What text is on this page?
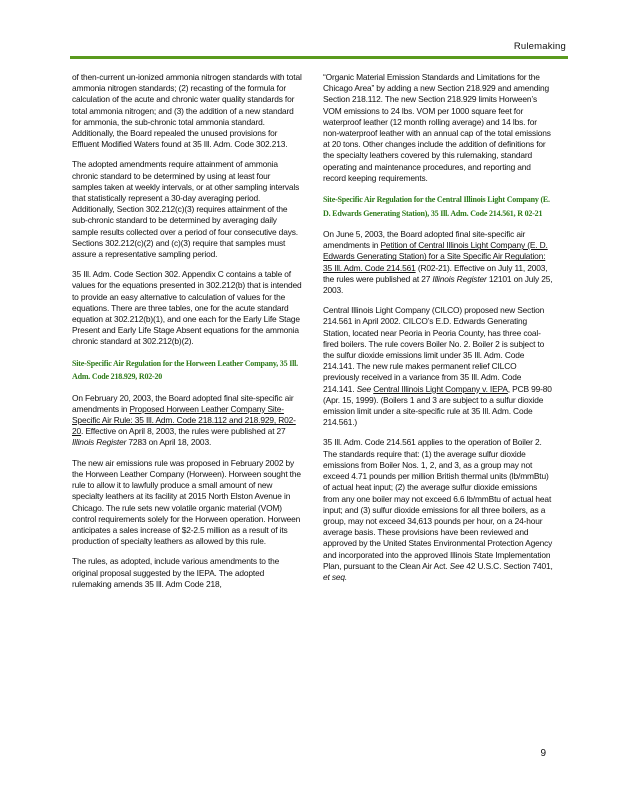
Rulemaking

of then-current un-ionized ammonia nitrogen standards with total ammonia nitrogen standards; (2) recasting of the formula for calculation of the acute and chronic water quality standards for total ammonia nitrogen; and (3) the addition of a new standard for ammonia, the sub-chronic total ammonia standard. Additionally, the Board repealed the unused provisions for Effluent Modified Waters found at 35 Ill. Adm. Code 302.213.

The adopted amendments require attainment of ammonia chronic standard to be determined by using at least four samples taken at weekly intervals, or at other sampling intervals that statistically represent a 30-day averaging period. Additionally, Section 302.212(c)(3) requires attainment of the sub-chronic standard to be determined by averaging daily sample results collected over a period of four consecutive days. Sections 302.212(c)(2) and (c)(3) require that samples must assure a representative sampling period.

35 Ill. Adm. Code Section 302. Appendix C contains a table of values for the equations presented in 302.212(b) that is intended to provide an easy alternative to calculation of values for the equations. There are three tables, one for the acute standard equation at 302.212(b)(1), and one each for the Early Life Stage Present and Early Life Stage Absent equations for the ammonia chronic standard at 302.212(b)(2).

Site-Specific Air Regulation for the Horween Leather Company, 35 Ill. Adm. Code 218.929, R02-20

On February 20, 2003, the Board adopted final site-specific air amendments in Proposed Horween Leather Company Site-Specific Air Rule: 35 Ill. Adm. Code 218.112 and 218.929, R02-20. Effective on April 8, 2003, the rules were published at 27 Illinois Register 7283 on April 18, 2003.

The new air emissions rule was proposed in February 2002 by the Horween Leather Company (Horween). Horween sought the rule to allow it to lawfully produce a small amount of new specialty leathers at its facility at 2015 North Elston Avenue in Chicago. The rule sets new volatile organic material (VOM) control requirements solely for the Horween operation. Horween anticipates a sales increase of $2-2.5 million as a result of its production of specialty leathers as allowed by this rule.

The rules, as adopted, include various amendments to the original proposal suggested by the IEPA. The adopted rulemaking amends 35 Ill. Adm Code 218,

“Organic Material Emission Standards and Limitations for the Chicago Area” by adding a new Section 218.929 and amending Section 218.112. The new Section 218.929 limits Horween’s VOM emissions to 24 lbs. VOM per 1000 square feet for waterproof leather (12 month rolling average) and 14 lbs. for non-waterproof leather with an annual cap of the total emissions at 20 tons. Other changes include the addition of definitions for the specialty leathers covered by this rulemaking, standard operating and maintenance procedures, and reporting and record keeping requirements.

Site-Specific Air Regulation for the Central Illinois Light Company (E. D. Edwards Generating Station), 35 Ill. Adm. Code 214.561, R 02-21

On June 5, 2003, the Board adopted final site-specific air amendments in Petition of Central Illinois Light Company (E. D. Edwards Generating Station) for a Site Specific Air Regulation: 35 Ill. Adm. Code 214.561 (R02-21). Effective on July 11, 2003, the rules were published at 27 Illinois Register 12101 on July 25, 2003.

Central Illinois Light Company (CILCO) proposed new Section 214.561 in April 2002. CILCO’s E.D. Edwards Generating Station, located near Peoria in Peoria County, has three coal-fired boilers. The rule covers Boiler No. 2. Boiler 2 is subject to the sulfur dioxide emissions limit under 35 Ill. Adm. Code 214.141. The new rule makes permanent relief CILCO previously received in a variance from 35 Ill. Adm. Code 214.141. See Central Illinois Light Company v. IEPA, PCB 99-80 (Apr. 15, 1999). (Boilers 1 and 3 are subject to a sulfur dioxide emission limit under a site-specific rule at 35 Ill. Adm. Code 214.561.)

35 Ill. Adm. Code 214.561 applies to the operation of Boiler 2. The standards require that: (1) the average sulfur dioxide emissions from Boiler Nos. 1, 2, and 3, as a group may not exceed 4.71 pounds per million British thermal units (lb/mmBtu) of actual heat input; (2) the average sulfur dioxide emissions from any one boiler may not exceed 6.6 lb/mmBtu of actual heat input; and (3) sulfur dioxide emissions for all three boilers, as a group, may not exceed 34,613 pounds per hour, on a 24-hour average basis. These provisions have been reviewed and approved by the United States Environmental Protection Agency and incorporated into the approved Illinois State Implementation Plan, pursuant to the Clean Air Act. See 42 U.S.C. Section 7401, et seq.

9
